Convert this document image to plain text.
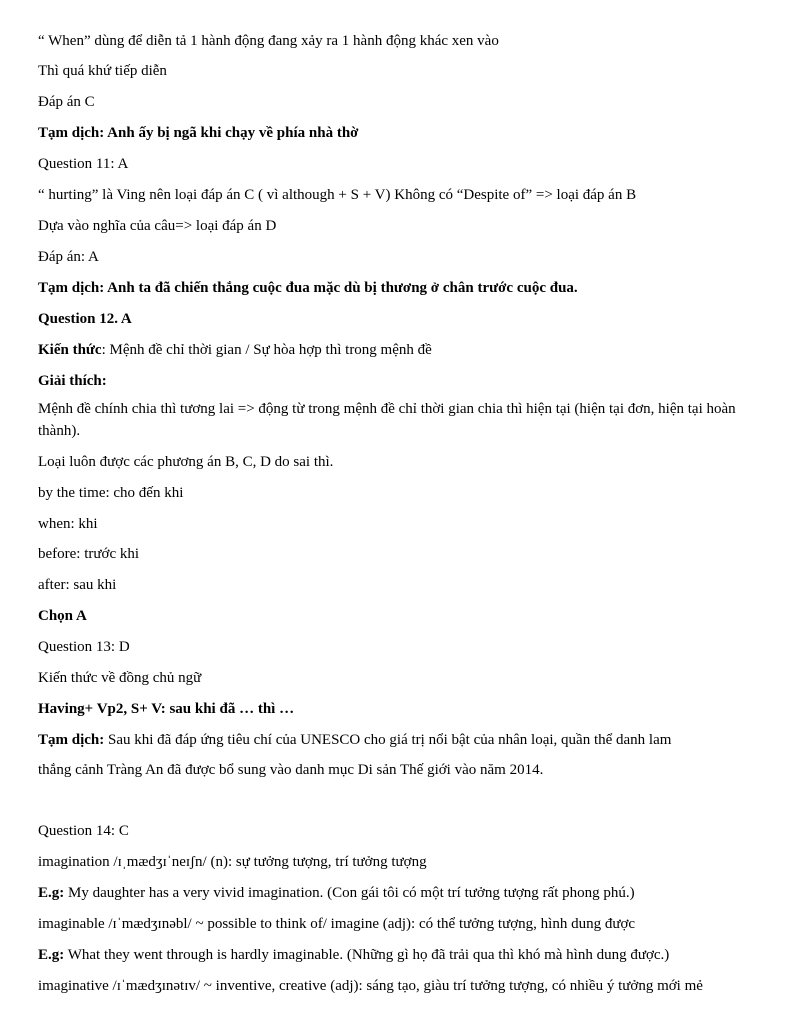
“ When” dùng để diễn tả 1 hành động đang xảy ra 1 hành động khác xen vào
Thì quá khứ tiếp diễn
Đáp án C
Tạm dịch: Anh ấy bị ngã khi chạy về phía nhà thờ
Question 11: A
“ hurting” là Ving nên loại đáp án C ( vì although + S + V) Không có “Despite of” => loại đáp án B
Dựa vào nghĩa của câu=> loại đáp án D
Đáp án: A
Tạm dịch: Anh ta đã chiến thắng cuộc đua mặc dù bị thương ở chân trước cuộc đua.
Question 12. A
Kiến thức: Mệnh đề chỉ thời gian / Sự hòa hợp thì trong mệnh đề
Giải thích:
Mệnh đề chính chia thì tương lai => động từ trong mệnh đề chỉ thời gian chia thì hiện tại (hiện tại đơn, hiện tại hoàn thành).
Loại luôn được các phương án B, C, D do sai thì.
by the time: cho đến khi
when: khi
before: trước khi
after: sau khi
Chọn A
Question 13: D
Kiến thức về đồng chủ ngữ
Having+ Vp2, S+ V: sau khi đã … thì …
Tạm dịch: Sau khi đã đáp ứng tiêu chí của UNESCO cho giá trị nổi bật của nhân loại, quần thể danh lam
thắng cảnh Tràng An đã được bổ sung vào danh mục Di sản Thế giới vào năm 2014.
Question 14: C
imagination /ɪˌmædʒɪˈneɪʃn/ (n): sự tưởng tượng, trí tưởng tượng
E.g: My daughter has a very vivid imagination. (Con gái tôi có một trí tưởng tượng rất phong phú.)
imaginable /ɪˈmædʒɪnəbl/ ~ possible to think of/ imagine (adj): có thể tưởng tượng, hình dung được
E.g: What they went through is hardly imaginable. (Những gì họ đã trải qua thì khó mà hình dung được.)
imaginative /ɪˈmædʒɪnətɪv/ ~ inventive, creative (adj): sáng tạo, giàu trí tưởng tượng, có nhiều ý tưởng mới mẻ
